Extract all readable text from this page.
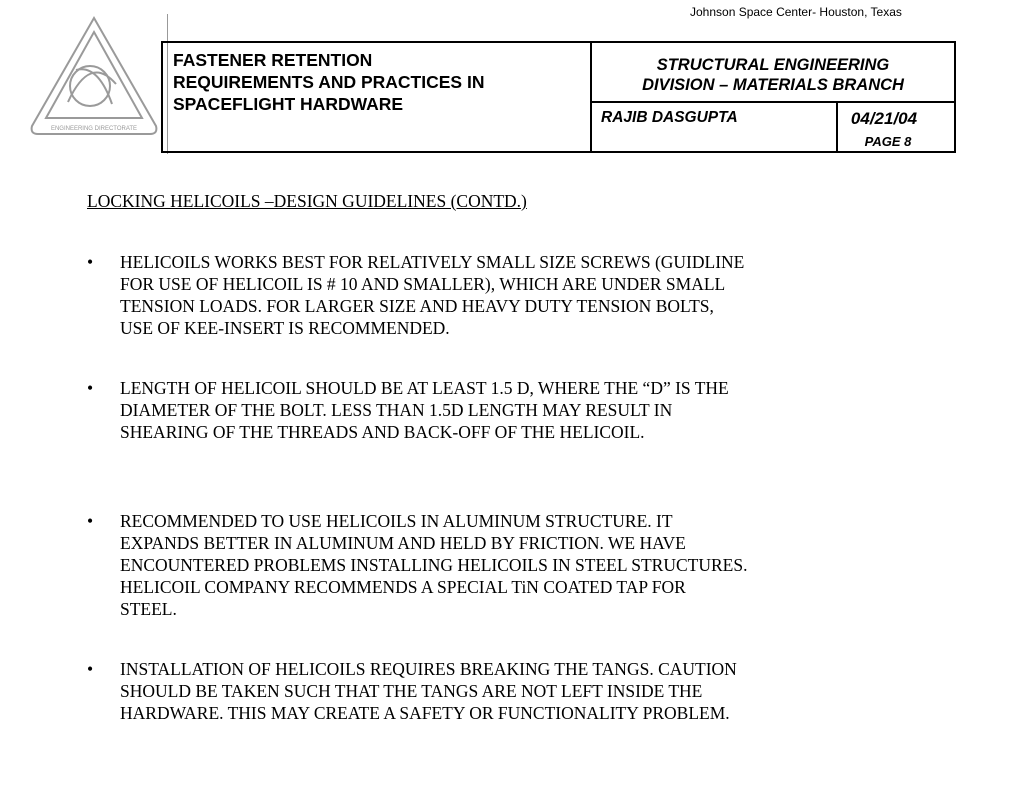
Johnson Space Center- Houston, Texas
ENGINEERING DIRECTORATE
FASTENER RETENTION
REQUIREMENTS AND PRACTICES IN
SPACEFLIGHT HARDWARE
STRUCTURAL ENGINEERING
DIVISION – MATERIALS BRANCH
RAJIB DASGUPTA	04/21/04
PAGE 8
LOCKING HELICOILS –DESIGN GUIDELINES (CONTD.)
• HELICOILS WORKS BEST FOR RELATIVELY SMALL SIZE SCREWS (GUIDLINE
FOR USE OF HELICOIL IS # 10 AND SMALLER), WHICH ARE UNDER SMALL
TENSION LOADS. FOR LARGER SIZE AND HEAVY DUTY TENSION BOLTS,
USE OF KEE-INSERT IS RECOMMENDED.
• LENGTH OF HELICOIL SHOULD BE AT LEAST 1.5 D, WHERE THE “D” IS THE
DIAMETER OF THE BOLT. LESS THAN 1.5D LENGTH MAY RESULT IN
SHEARING OF THE THREADS AND BACK-OFF OF THE HELICOIL.
• RECOMMENDED TO USE HELICOILS IN ALUMINUM STRUCTURE. IT
EXPANDS BETTER IN ALUMINUM AND HELD BY FRICTION. WE HAVE
ENCOUNTERED PROBLEMS INSTALLING HELICOILS IN STEEL STRUCTURES.
HELICOIL COMPANY RECOMMENDS A SPECIAL TiN COATED TAP FOR
STEEL.
• INSTALLATION OF HELICOILS REQUIRES BREAKING THE TANGS. CAUTION
SHOULD BE TAKEN SUCH THAT THE TANGS ARE NOT LEFT INSIDE THE
HARDWARE. THIS MAY CREATE A SAFETY OR FUNCTIONALITY PROBLEM.
